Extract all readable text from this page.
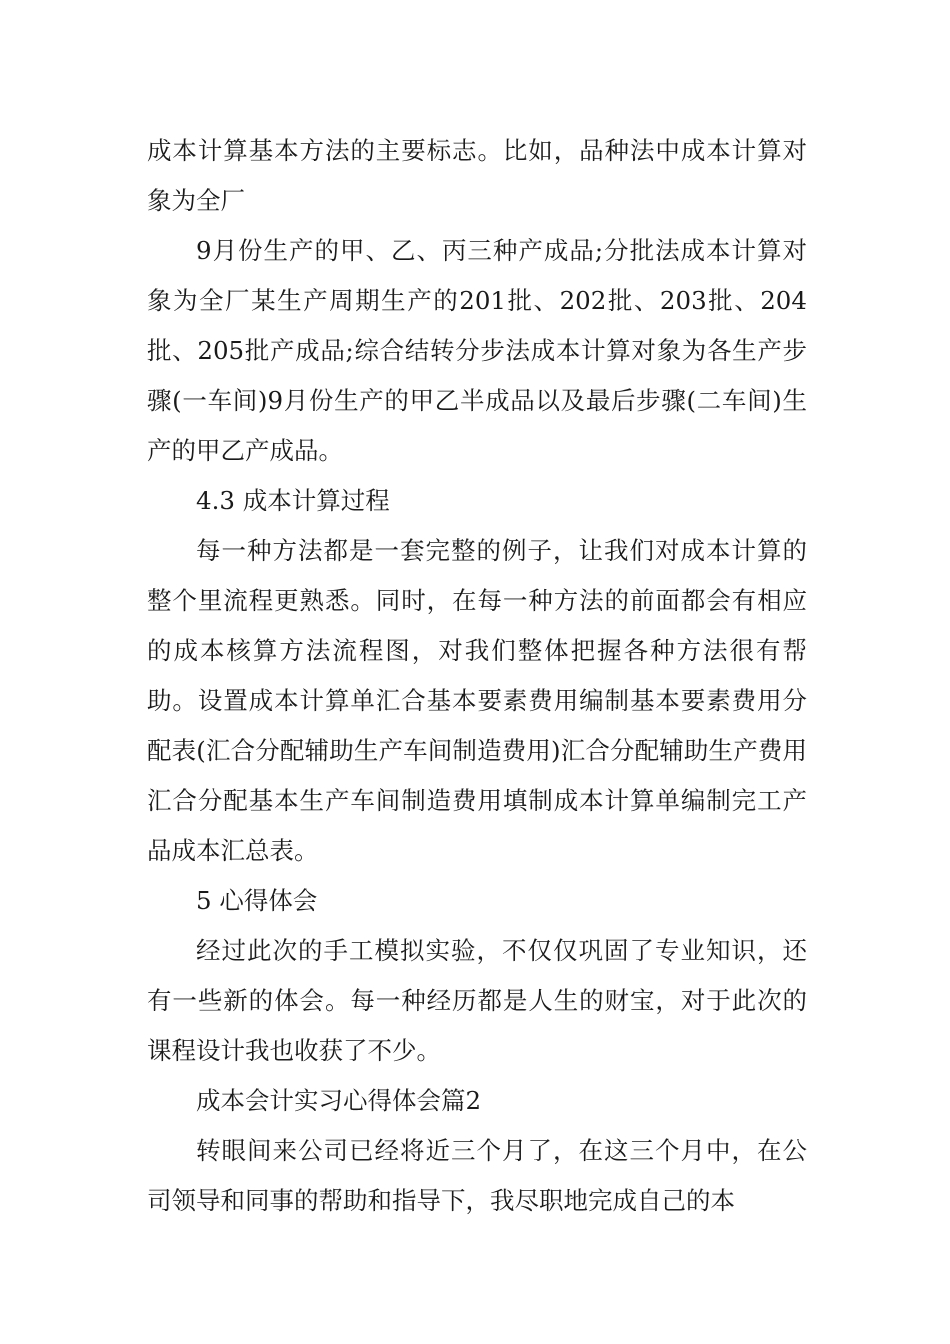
成本计算基本方法的主要标志。比如，品种法中成本计算对象为全厂

9月份生产的甲、乙、丙三种产成品;分批法成本计算对象为全厂某生产周期生产的201批、202批、203批、204批、205批产成品;综合结转分步法成本计算对象为各生产步骤(一车间)9月份生产的甲乙半成品以及最后步骤(二车间)生产的甲乙产成品。

4.3 成本计算过程

每一种方法都是一套完整的例子，让我们对成本计算的整个里流程更熟悉。同时，在每一种方法的前面都会有相应的成本核算方法流程图，对我们整体把握各种方法很有帮助。设置成本计算单汇合基本要素费用编制基本要素费用分配表(汇合分配辅助生产车间制造费用)汇合分配辅助生产费用汇合分配基本生产车间制造费用填制成本计算单编制完工产品成本汇总表。

5 心得体会

经过此次的手工模拟实验，不仅仅巩固了专业知识，还有一些新的体会。每一种经历都是人生的财宝，对于此次的课程设计我也收获了不少。

成本会计实习心得体会篇2

转眼间来公司已经将近三个月了，在这三个月中，在公司领导和同事的帮助和指导下，我尽职地完成自己的本
